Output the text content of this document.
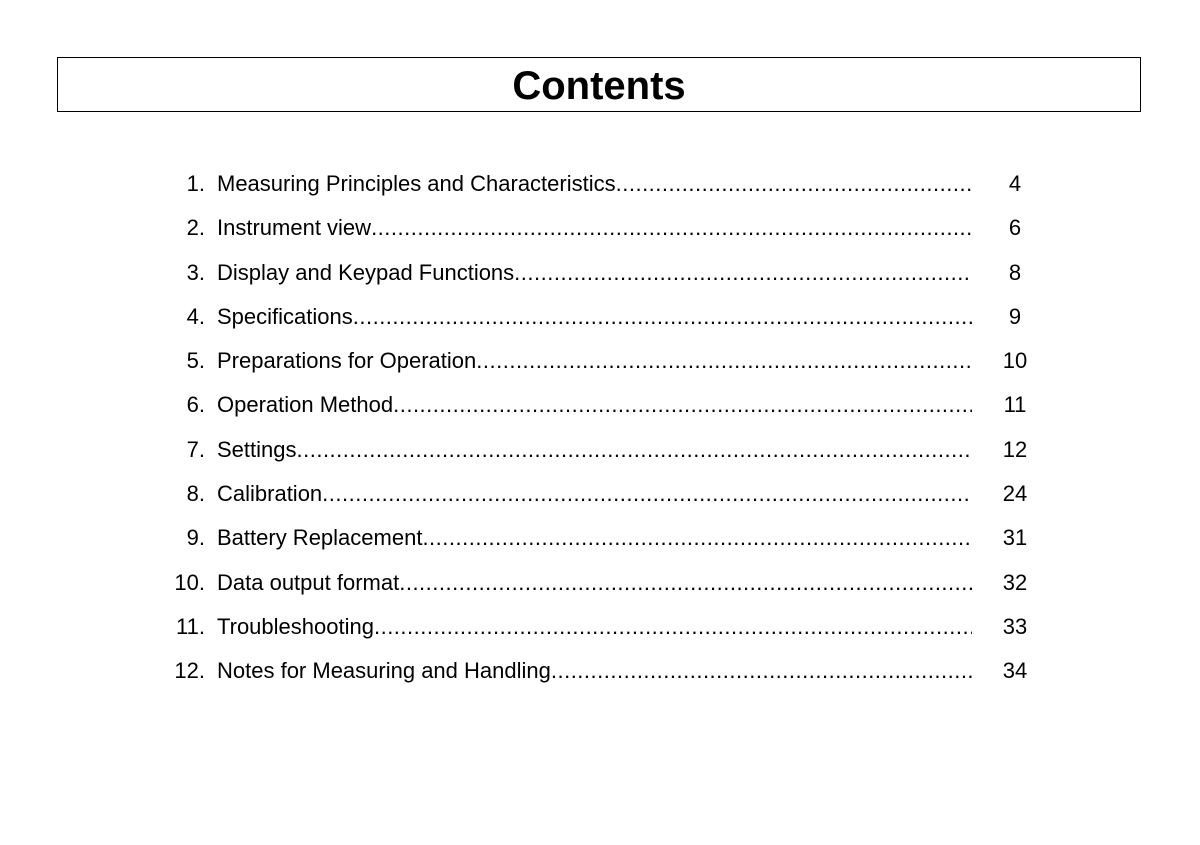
Contents
1. Measuring Principles and Characteristics .....	4
2. Instrument view .....	6
3. Display and Keypad Functions .....	8
4. Specifications .....	9
5. Preparations for Operation .....	10
6. Operation Method .....	11
7. Settings .....	12
8. Calibration .....	24
9. Battery Replacement .....	31
10. Data output format .....	32
11. Troubleshooting .....	33
12. Notes for Measuring and Handling .....	34
